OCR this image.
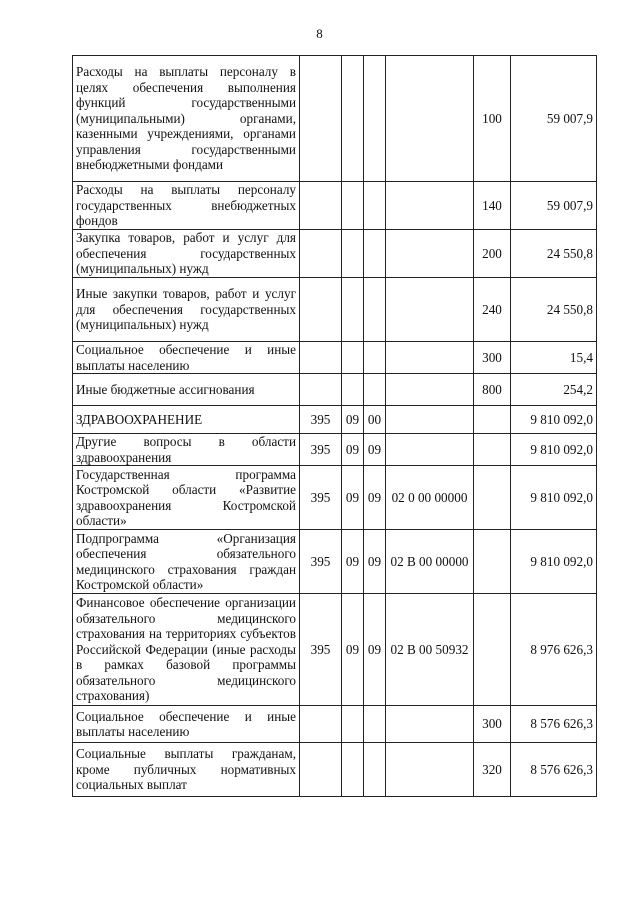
8
Расходы на выплаты персоналу в целях обеспечения выполнения функций государственными (муниципальными) органами, казенными учреждениями, органами управления государственными внебюджетными фондами					100	59 007,9
Расходы на выплаты персоналу государственных внебюджетных фондов					140	59 007,9
Закупка товаров, работ и услуг для обеспечения государственных (муниципальных) нужд					200	24 550,8
Иные закупки товаров, работ и услуг для обеспечения государственных (муниципальных) нужд					240	24 550,8
Социальное обеспечение и иные выплаты населению					300	15,4
Иные бюджетные ассигнования					800	254,2
ЗДРАВООХРАНЕНИЕ	395	09	00			9 810 092,0
Другие вопросы в области здравоохранения	395	09	09			9 810 092,0
Государственная программа Костромской области «Развитие здравоохранения Костромской области»	395	09	09	02 0 00 00000		9 810 092,0
Подпрограмма «Организация обеспечения обязательного медицинского страхования граждан Костромской области»	395	09	09	02 В 00 00000		9 810 092,0
Финансовое обеспечение организации обязательного медицинского страхования на территориях субъектов Российской Федерации (иные расходы в рамках базовой программы обязательного медицинского страхования)	395	09	09	02 В 00 50932		8 976 626,3
Социальное обеспечение и иные выплаты населению					300	8 576 626,3
Социальные выплаты гражданам, кроме публичных нормативных социальных выплат					320	8 576 626,3
